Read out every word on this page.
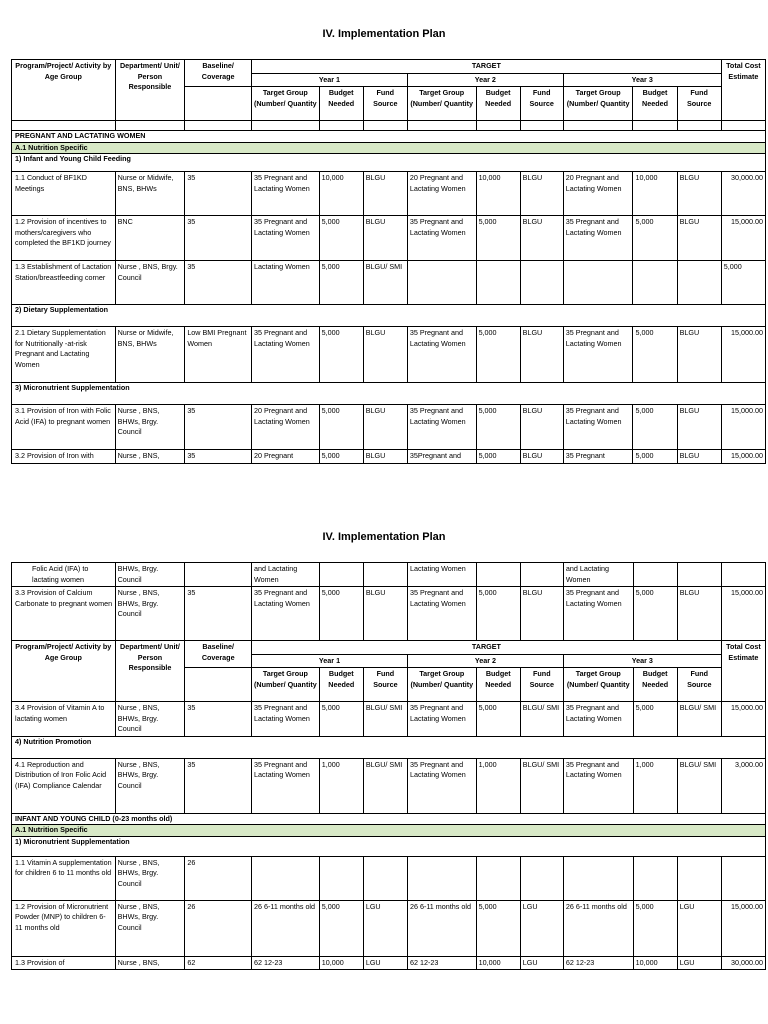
IV. Implementation Plan
Program/Project/ Activity by Age Group	Department/ Unit/ Person Responsible	Baseline/ Coverage	TARGET									Total Cost Estimate
			Year 1			Year 2			Year 3			
			Target Group (Number/ Quantity	Budget Needed	Fund Source	Target Group (Number/ Quantity	Budget Needed	Fund Source	Target Group (Number/ Quantity	Budget Needed	Fund Source	

PREGNANT AND LACTATING WOMEN												
A.1 Nutrition Specific												
1) Infant and Young Child Feeding												
1.1 Conduct of BF1KD Meetings	Nurse or Midwife, BNS, BHWs	35	35 Pregnant and Lactating Women	10,000	BLGU	20 Pregnant and Lactating Women	10,000	BLGU	20 Pregnant and Lactating Women	10,000	BLGU	30,000.00
1.2 Provision of incentives to mothers/caregivers who completed the BF1KD journey	BNC	35	35 Pregnant and Lactating Women	5,000	BLGU	35 Pregnant and Lactating Women	5,000	BLGU	35 Pregnant and Lactating Women	5,000	BLGU	15,000.00
1.3 Establishment of Lactation Station/breastfeeding corner	Nurse , BNS, Brgy. Council	35	Lactating Women	5,000	BLGU/ SMI							5,000
2) Dietary Supplementation												
2.1 Dietary Supplementation for Nutritionally -at-risk Pregnant and Lactating Women	Nurse or Midwife, BNS, BHWs	Low BMI Pregnant Women	35 Pregnant and Lactating Women	5,000	BLGU	35 Pregnant and Lactating Women	5,000	BLGU	35 Pregnant and Lactating Women	5,000	BLGU	15,000.00
3) Micronutrient Supplementation												
3.1 Provision of Iron with Folic Acid (IFA) to pregnant women	Nurse , BNS, BHWs, Brgy. Council	35	20 Pregnant and Lactating Women	5,000	BLGU	35 Pregnant and Lactating Women	5,000	BLGU	35 Pregnant and Lactating Women	5,000	BLGU	15,000.00
3.2 Provision of Iron with	Nurse , BNS,	35	20 Pregnant	5,000	BLGU	35Pregnant and	5,000	BLGU	35 Pregnant	5,000	BLGU	15,000.00
IV. Implementation Plan
Folic Acid (IFA) to lactating women	BHWs, Brgy. Council		and Lactating Women			Lactating Women			and Lactating Women			
3.3 Provision of Calcium Carbonate to pregnant women	Nurse , BNS, BHWs, Brgy. Council	35	35 Pregnant and Lactating Women	5,000	BLGU	35 Pregnant and Lactating Women	5,000	BLGU	35 Pregnant and Lactating Women	5,000	BLGU	15,000.00
Program/Project/ Activity by Age Group	Department/ Unit/ Person Responsible	Baseline/ Coverage	TARGET									Total Cost Estimate
			Year 1			Year 2			Year 3			
			Target Group (Number/ Quantity	Budget Needed	Fund Source	Target Group (Number/ Quantity	Budget Needed	Fund Source	Target Group (Number/ Quantity	Budget Needed	Fund Source	
3.4 Provision of Vitamin A to lactating women	Nurse , BNS, BHWs, Brgy. Council	35	35 Pregnant and Lactating Women	5,000	BLGU/ SMI	35 Pregnant and Lactating Women	5,000	BLGU/ SMI	35 Pregnant and Lactating Women	5,000	BLGU/ SMI	15,000.00
4) Nutrition Promotion												
4.1 Reproduction and Distribution of Iron Folic Acid (IFA) Compliance Calendar	Nurse , BNS, BHWs, Brgy. Council	35	35 Pregnant and Lactating Women	1,000	BLGU/ SMI	35 Pregnant and Lactating Women	1,000	BLGU/ SMI	35 Pregnant and Lactating Women	1,000	BLGU/ SMI	3,000.00
INFANT AND YOUNG CHILD (0-23 months old)												
A.1 Nutrition Specific												
1) Micronutrient Supplementation												
1.1 Vitamin A supplementation for children 6 to 11 months old	Nurse , BNS, BHWs, Brgy. Council	26										
1.2 Provision of Micronutrient Powder (MNP) to children 6-11 months old	Nurse , BNS, BHWs, Brgy. Council	26	26 6-11 months old	5,000	LGU	26 6-11 months old	5,000	LGU	26 6-11 months old	5,000	LGU	15,000.00
1.3 Provision of	Nurse , BNS,	62	62 12-23	10,000	LGU	62 12-23	10,000	LGU	62 12-23	10,000	LGU	30,000.00
